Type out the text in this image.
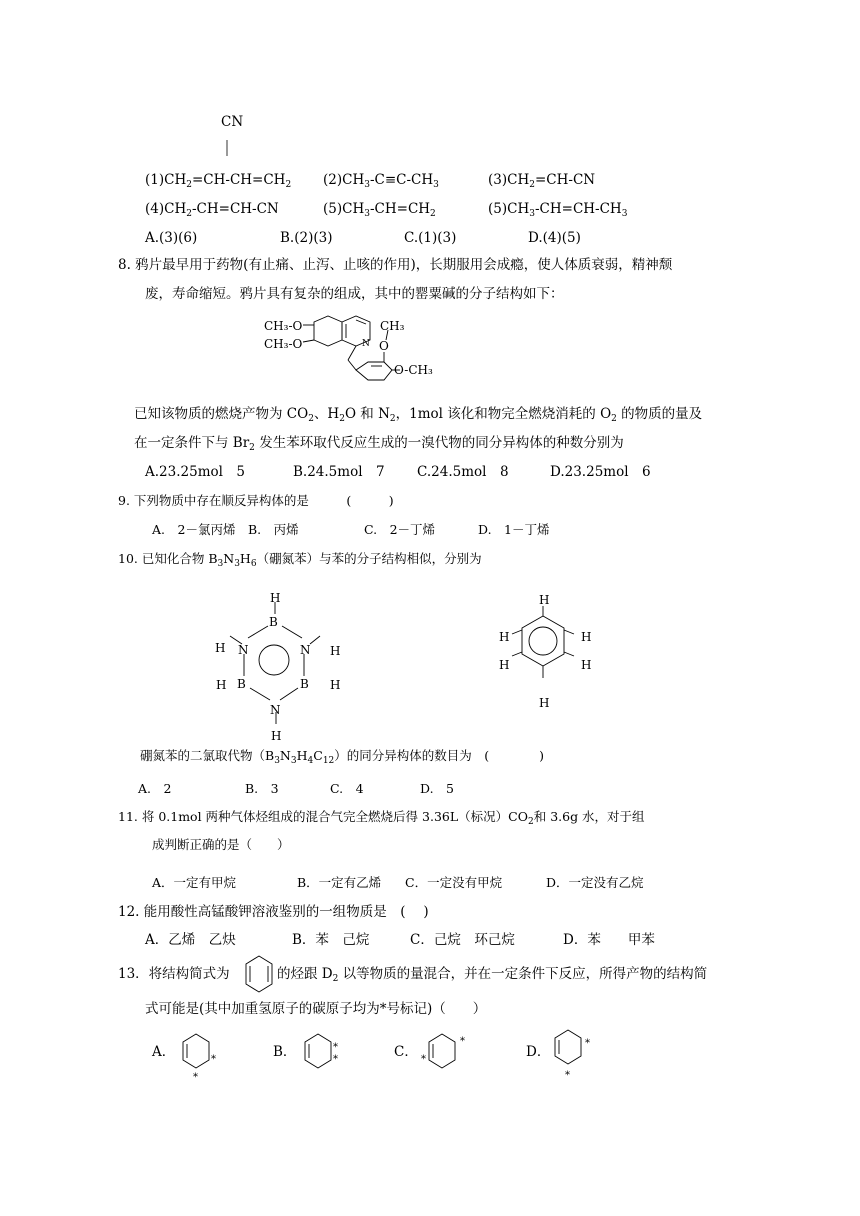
CN
$(1)CH_2=CH-CH=CH_2$ $(2)CH_3-C\equiv C-CH_3$	$(3)CH_2=CH-CN$
$(4)CH_2-CH=CH-CN$	$(5)CH_3-CH=CH_2$	$(5)CH_3-CH=CH-CH_3$
A.(3)(6)	B.(2)(3)	C.(1)(3)	D.(4)(5)
8. 鸦片最早用于药物(有止痛、止泻、止咳的作用)，长期服用会成瘾，使人体质衰弱，精神颓
废，寿命缩短。鸦片具有复杂的组成，其中的罂粟碱的分子结构如下：
CH₃-O
CH₃-O	N O
CH₃
O-CH₃
已知该物质的燃烧产物为 $CO_2$、$H_2O$ 和 $N_2$，1mol 该化和物完全燃烧消耗的 $O_2$ 的物质的量及
在一定条件下与 $Br_2$ 发生苯环取代反应生成的一溴代物的同分异构体的种数分别为
A.23.25mol　5	B.24.5mol　7 C.24.5mol　8	D.23.25mol　6
9. 下列物质中存在顺反异构体的是　　　(　　　)
A.　2－氯丙烯 B.　丙烯	C.　2－丁烯	D.　1－丁烯
10. 已知化合物 $B_3N_3H_6$（硼氮苯）与苯的分子结构相似，分别为
H
B
N	N
H	H
B	B
H	H
N
H
H
H	H
H	H
H
硼氮苯的二氯取代物$(B_3N_3H_4C_{12})$的同分异构体的数目为　(　　　　)
A.　2	B.　3	C.　4	D.　5
11. 将 0.1mol 两种气体烃组成的混合气完全燃烧后得 3.36L（标况）$CO_2$和 3.6g 水，对于组
成判断正确的是（　　）
A．一定有甲烷	B．一定有乙烯 C．一定没有甲烷	D．一定没有乙烷
12. 能用酸性高锰酸钾溶液鉴别的一组物质是　(　 )
A．乙烯　乙炔	B．苯　己烷	C．己烷　环己烷	D．苯　　甲苯
13．将结构简式为	的烃跟 $D_2$ 以等物质的量混合，并在一定条件下反应，所得产物的结构简
式可能是(其中加重氢原子的碳原子均为*号标记)（　　）
A．	*
*
B．	*
*	C．
*
*	D．
*
*
